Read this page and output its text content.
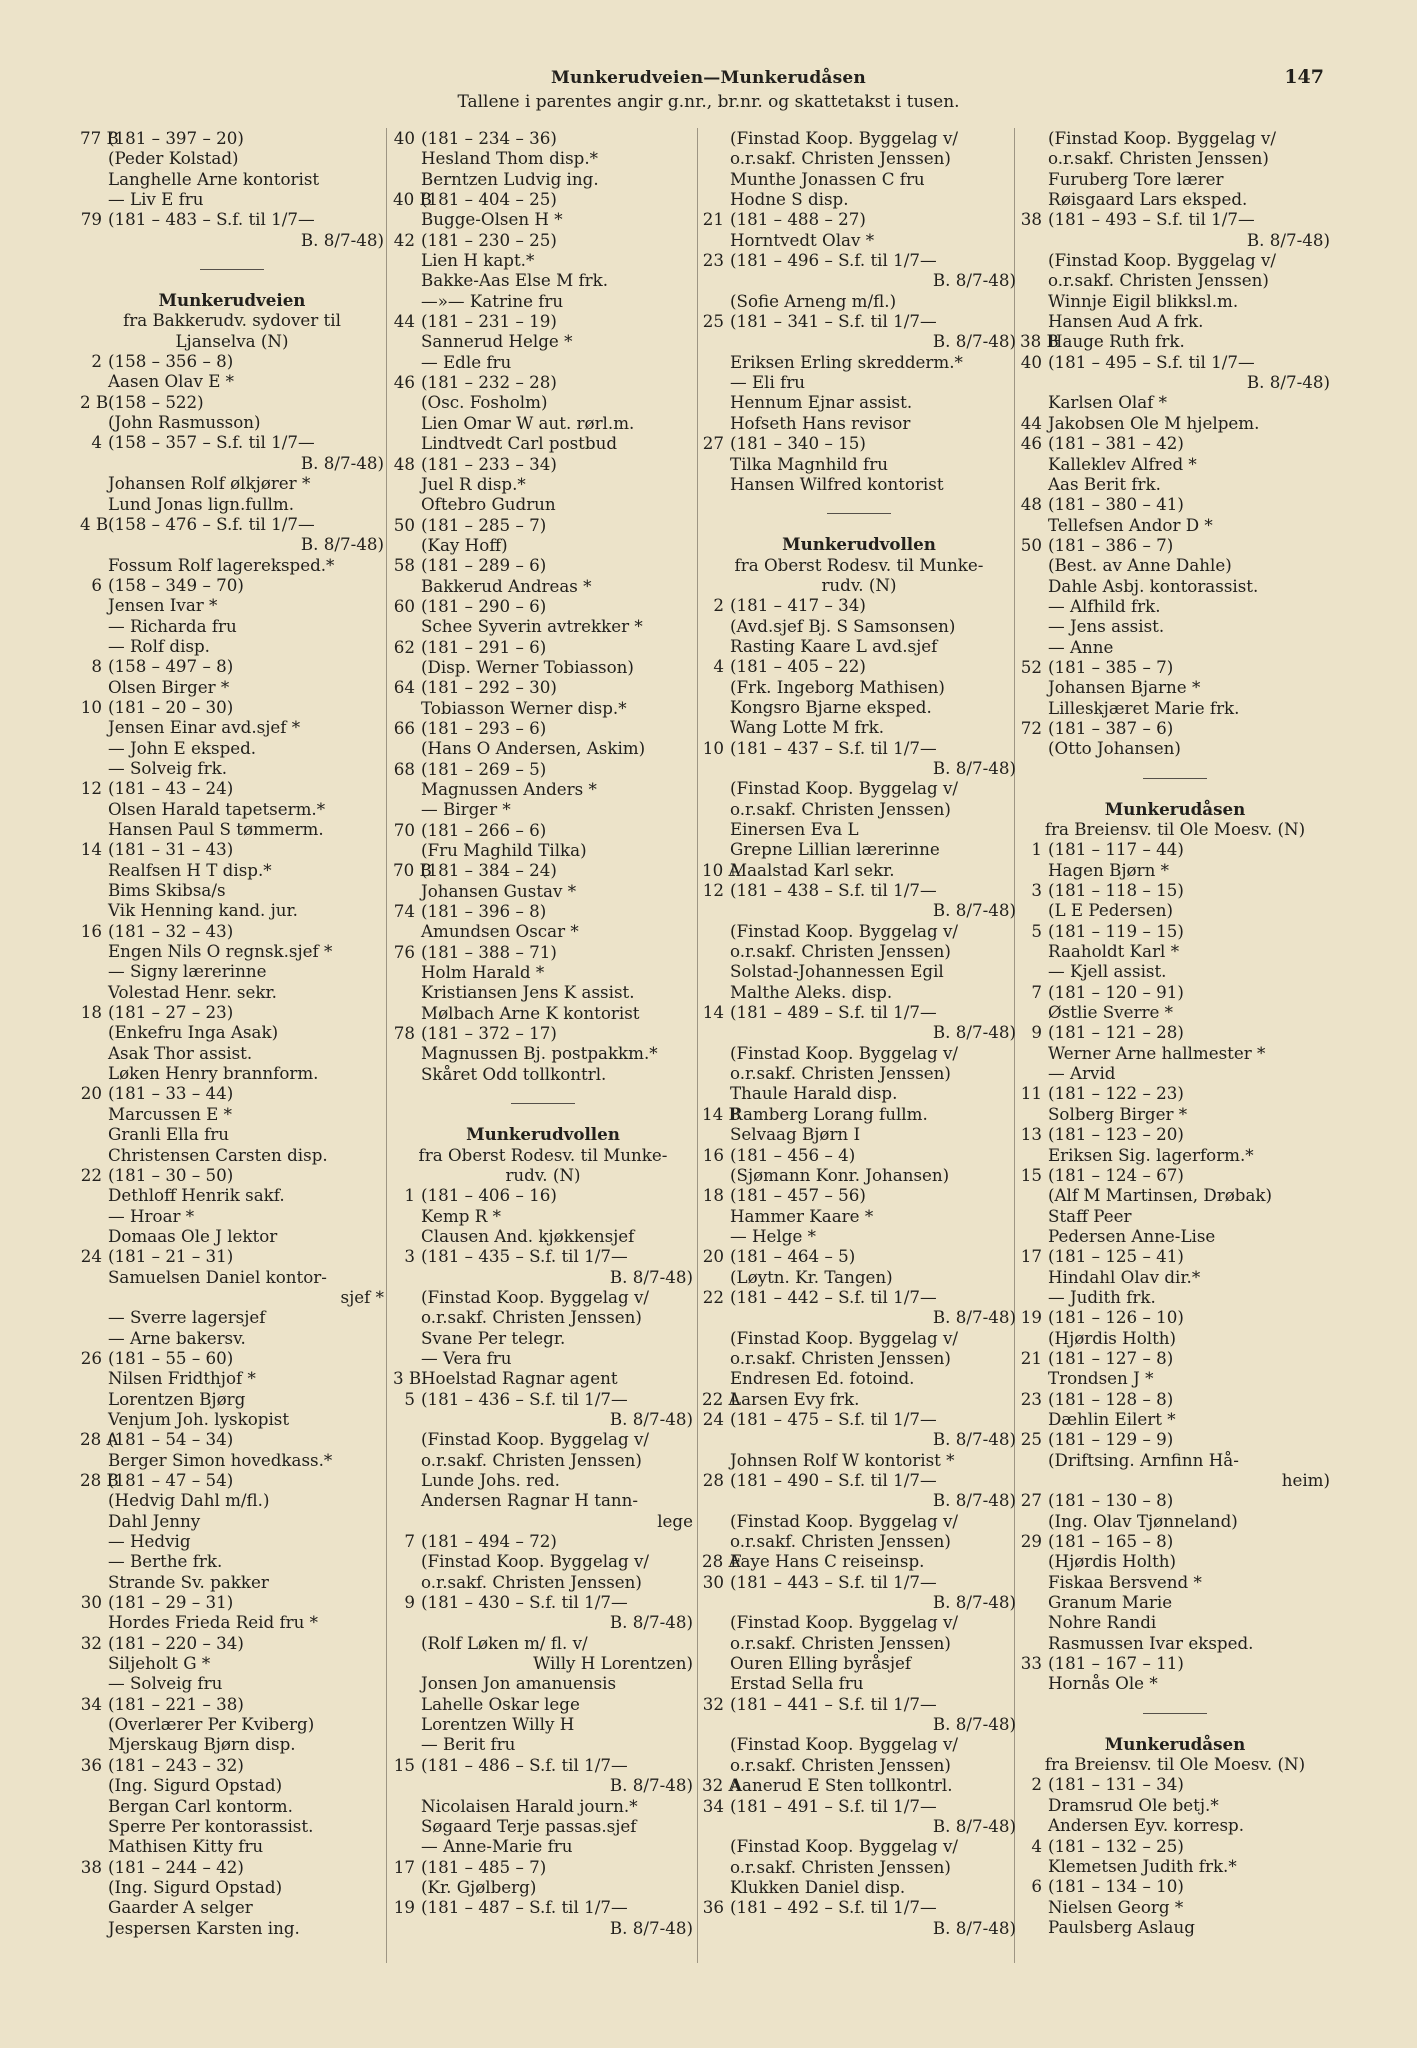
Munkerudveien—Munkerudåsen	147
Tallene i parentes angir g.nr., br.nr. og skattetakst i tusen.
77 B
(181 – 397 – 20)
(Peder Kolstad)
Langhelle Arne kontorist
— Liv E fru
79 (181 – 483 – S.f. til 1/7—
B. 8/7-48)
Munkerudveien
fra Bakkerudv. sydover til
Ljanselva (N)
2 (158 – 356 – 8)
Aasen Olav E *
2 B (158 – 522)
(John Rasmusson)
4 (158 – 357 – S.f. til 1/7—
B. 8/7-48)
Johansen Rolf ølkjører *
Lund Jonas lign.fullm.
4 B (158 – 476 – S.f. til 1/7—
B. 8/7-48)
Fossum Rolf lagereksped.*
6 (158 – 349 – 70)
Jensen Ivar *
— Richarda fru
— Rolf disp.
8 (158 – 497 – 8)
Olsen Birger *
10 (181 – 20 – 30)
Jensen Einar avd.sjef *
— John E eksped.
— Solveig frk.
12 (181 – 43 – 24)
Olsen Harald tapetserm.*
Hansen Paul S tømmerm.
14 (181 – 31 – 43)
Realfsen H T disp.*
Bims Skibsa/s
Vik Henning kand. jur.
16 (181 – 32 – 43)
Engen Nils O regnsk.sjef *
— Signy lærerinne
Volestad Henr. sekr.
18 (181 – 27 – 23)
(Enkefru Inga Asak)
Asak Thor assist.
Løken Henry brannform.
20 (181 – 33 – 44)
Marcussen E *
Granli Ella fru
Christensen Carsten disp.
22 (181 – 30 – 50)
Dethloff Henrik sakf.
— Hroar *
Domaas Ole J lektor
24 (181 – 21 – 31)
Samuelsen Daniel kontor-
sjef *
— Sverre lagersjef
— Arne bakersv.
26 (181 – 55 – 60)
Nilsen Fridthjof *
Lorentzen Bjørg
Venjum Joh. lyskopist
28 A
(181 – 54 – 34)
Berger Simon hovedkass.*
28 B
(181 – 47 – 54)
(Hedvig Dahl m/fl.)
Dahl Jenny
— Hedvig
— Berthe frk.
Strande Sv. pakker
30 (181 – 29 – 31)
Hordes Frieda Reid fru *
32 (181 – 220 – 34)
Siljeholt G *
— Solveig fru
34 (181 – 221 – 38)
(Overlærer Per Kviberg)
Mjerskaug Bjørn disp.
36 (181 – 243 – 32)
(Ing. Sigurd Opstad)
Bergan Carl kontorm.
Sperre Per kontorassist.
Mathisen Kitty fru
38 (181 – 244 – 42)
(Ing. Sigurd Opstad)
Gaarder A selger
Jespersen Karsten ing.
40 (181 – 234 – 36)
Hesland Thom disp.*
Berntzen Ludvig ing.
40 B
(181 – 404 – 25)
Bugge-Olsen H *
42 (181 – 230 – 25)
Lien H kapt.*
Bakke-Aas Else M frk.
—»— Katrine fru
44 (181 – 231 – 19)
Sannerud Helge *
— Edle fru
46 (181 – 232 – 28)
(Osc. Fosholm)
Lien Omar W aut. rørl.m.
Lindtvedt Carl postbud
48 (181 – 233 – 34)
Juel R disp.*
Oftebro Gudrun
50 (181 – 285 – 7)
(Kay Hoff)
58 (181 – 289 – 6)
Bakkerud Andreas *
60 (181 – 290 – 6)
Schee Syverin avtrekker *
62 (181 – 291 – 6)
(Disp. Werner Tobiasson)
64 (181 – 292 – 30)
Tobiasson Werner disp.*
66 (181 – 293 – 6)
(Hans O Andersen, Askim)
68 (181 – 269 – 5)
Magnussen Anders *
— Birger *
70 (181 – 266 – 6)
(Fru Maghild Tilka)
70 B
(181 – 384 – 24)
Johansen Gustav *
74 (181 – 396 – 8)
Amundsen Oscar *
76 (181 – 388 – 71)
Holm Harald *
Kristiansen Jens K assist.
Mølbach Arne K kontorist
78 (181 – 372 – 17)
Magnussen Bj. postpakkm.*
Skåret Odd tollkontrl.
Munkerudvollen
fra Oberst Rodesv. til Munke-
rudv. (N)
1 (181 – 406 – 16)
Kemp R *
Clausen And. kjøkkensjef
3 (181 – 435 – S.f. til 1/7—
B. 8/7-48)
(Finstad Koop. Byggelag v/
o.r.sakf. Christen Jenssen)
Svane Per telegr.
— Vera fru
3 B Hoelstad Ragnar agent
5 (181 – 436 – S.f. til 1/7—
B. 8/7-48)
(Finstad Koop. Byggelag v/
o.r.sakf. Christen Jenssen)
Lunde Johs. red.
Andersen Ragnar H tann-
lege
7 (181 – 494 – 72)
(Finstad Koop. Byggelag v/
o.r.sakf. Christen Jenssen)
9 (181 – 430 – S.f. til 1/7—
B. 8/7-48)
(Rolf Løken m/ fl. v/
Willy H Lorentzen)
Jonsen Jon amanuensis
Lahelle Oskar lege
Lorentzen Willy H
— Berit fru
15 (181 – 486 – S.f. til 1/7—
B. 8/7-48)
Nicolaisen Harald journ.*
Søgaard Terje passas.sjef
— Anne-Marie fru
17 (181 – 485 – 7)
(Kr. Gjølberg)
19 (181 – 487 – S.f. til 1/7—
B. 8/7-48)
(Finstad Koop. Byggelag v/
o.r.sakf. Christen Jenssen)
Munthe Jonassen C fru
Hodne S disp.
21 (181 – 488 – 27)
Horntvedt Olav *
23 (181 – 496 – S.f. til 1/7—
B. 8/7-48)
(Sofie Arneng m/fl.)
25 (181 – 341 – S.f. til 1/7—
B. 8/7-48)
Eriksen Erling skredderm.*
— Eli fru
Hennum Ejnar assist.
Hofseth Hans revisor
27 (181 – 340 – 15)
Tilka Magnhild fru
Hansen Wilfred kontorist
Munkerudvollen
fra Oberst Rodesv. til Munke-
rudv. (N)
2 (181 – 417 – 34)
(Avd.sjef Bj. S Samsonsen)
Rasting Kaare L avd.sjef
4 (181 – 405 – 22)
(Frk. Ingeborg Mathisen)
Kongsro Bjarne eksped.
Wang Lotte M frk.
10 (181 – 437 – S.f. til 1/7—
B. 8/7-48)
(Finstad Koop. Byggelag v/
o.r.sakf. Christen Jenssen)
Einersen Eva L
Grepne Lillian lærerinne
10 A
Maalstad Karl sekr.
12 (181 – 438 – S.f. til 1/7—
B. 8/7-48)
(Finstad Koop. Byggelag v/
o.r.sakf. Christen Jenssen)
Solstad-Johannessen Egil
Malthe Aleks. disp.
14 (181 – 489 – S.f. til 1/7—
B. 8/7-48)
(Finstad Koop. Byggelag v/
o.r.sakf. Christen Jenssen)
Thaule Harald disp.
14 B
Ramberg Lorang fullm.
Selvaag Bjørn I
16 (181 – 456 – 4)
(Sjømann Konr. Johansen)
18 (181 – 457 – 56)
Hammer Kaare *
— Helge *
20 (181 – 464 – 5)
(Løytn. Kr. Tangen)
22 (181 – 442 – S.f. til 1/7—
B. 8/7-48)
(Finstad Koop. Byggelag v/
o.r.sakf. Christen Jenssen)
Endresen Ed. fotoind.
22 A
Larsen Evy frk.
24 (181 – 475 – S.f. til 1/7—
B. 8/7-48)
Johnsen Rolf W kontorist *
28 (181 – 490 – S.f. til 1/7—
B. 8/7-48)
(Finstad Koop. Byggelag v/
o.r.sakf. Christen Jenssen)
28 A
Faye Hans C reiseinsp.
30 (181 – 443 – S.f. til 1/7—
B. 8/7-48)
(Finstad Koop. Byggelag v/
o.r.sakf. Christen Jenssen)
Ouren Elling byråsjef
Erstad Sella fru
32 (181 – 441 – S.f. til 1/7—
B. 8/7-48)
(Finstad Koop. Byggelag v/
o.r.sakf. Christen Jenssen)
32 A
Aanerud E Sten tollkontrl.
34 (181 – 491 – S.f. til 1/7—
B. 8/7-48)
(Finstad Koop. Byggelag v/
o.r.sakf. Christen Jenssen)
Klukken Daniel disp.
36 (181 – 492 – S.f. til 1/7—
B. 8/7-48)
(Finstad Koop. Byggelag v/
o.r.sakf. Christen Jenssen)
Furuberg Tore lærer
Røisgaard Lars eksped.
38 (181 – 493 – S.f. til 1/7—
B. 8/7-48)
(Finstad Koop. Byggelag v/
o.r.sakf. Christen Jenssen)
Winnje Eigil blikksl.m.
Hansen Aud A frk.
38 B
Hauge Ruth frk.
40 (181 – 495 – S.f. til 1/7—
B. 8/7-48)
Karlsen Olaf *
44 Jakobsen Ole M hjelpem.
46 (181 – 381 – 42)
Kalleklev Alfred *
Aas Berit frk.
48 (181 – 380 – 41)
Tellefsen Andor D *
50 (181 – 386 – 7)
(Best. av Anne Dahle)
Dahle Asbj. kontorassist.
— Alfhild frk.
— Jens assist.
— Anne
52 (181 – 385 – 7)
Johansen Bjarne *
Lilleskjæret Marie frk.
72 (181 – 387 – 6)
(Otto Johansen)
Munkerudåsen
fra Breiensv. til Ole Moesv. (N)
1 (181 – 117 – 44)
Hagen Bjørn *
3 (181 – 118 – 15)
(L E Pedersen)
5 (181 – 119 – 15)
Raaholdt Karl *
— Kjell assist.
7 (181 – 120 – 91)
Østlie Sverre *
9 (181 – 121 – 28)
Werner Arne hallmester *
— Arvid
11 (181 – 122 – 23)
Solberg Birger *
13 (181 – 123 – 20)
Eriksen Sig. lagerform.*
15 (181 – 124 – 67)
(Alf M Martinsen, Drøbak)
Staff Peer
Pedersen Anne-Lise
17 (181 – 125 – 41)
Hindahl Olav dir.*
— Judith frk.
19 (181 – 126 – 10)
(Hjørdis Holth)
21 (181 – 127 – 8)
Trondsen J *
23 (181 – 128 – 8)
Dæhlin Eilert *
25 (181 – 129 – 9)
(Driftsing. Arnfinn Hå-
heim)
27 (181 – 130 – 8)
(Ing. Olav Tjønneland)
29 (181 – 165 – 8)
(Hjørdis Holth)
Fiskaa Bersvend *
Granum Marie
Nohre Randi
Rasmussen Ivar eksped.
33 (181 – 167 – 11)
Hornås Ole *
Munkerudåsen
fra Breiensv. til Ole Moesv. (N)
2 (181 – 131 – 34)
Dramsrud Ole betj.*
Andersen Eyv. korresp.
4 (181 – 132 – 25)
Klemetsen Judith frk.*
6 (181 – 134 – 10)
Nielsen Georg *
Paulsberg Aslaug
